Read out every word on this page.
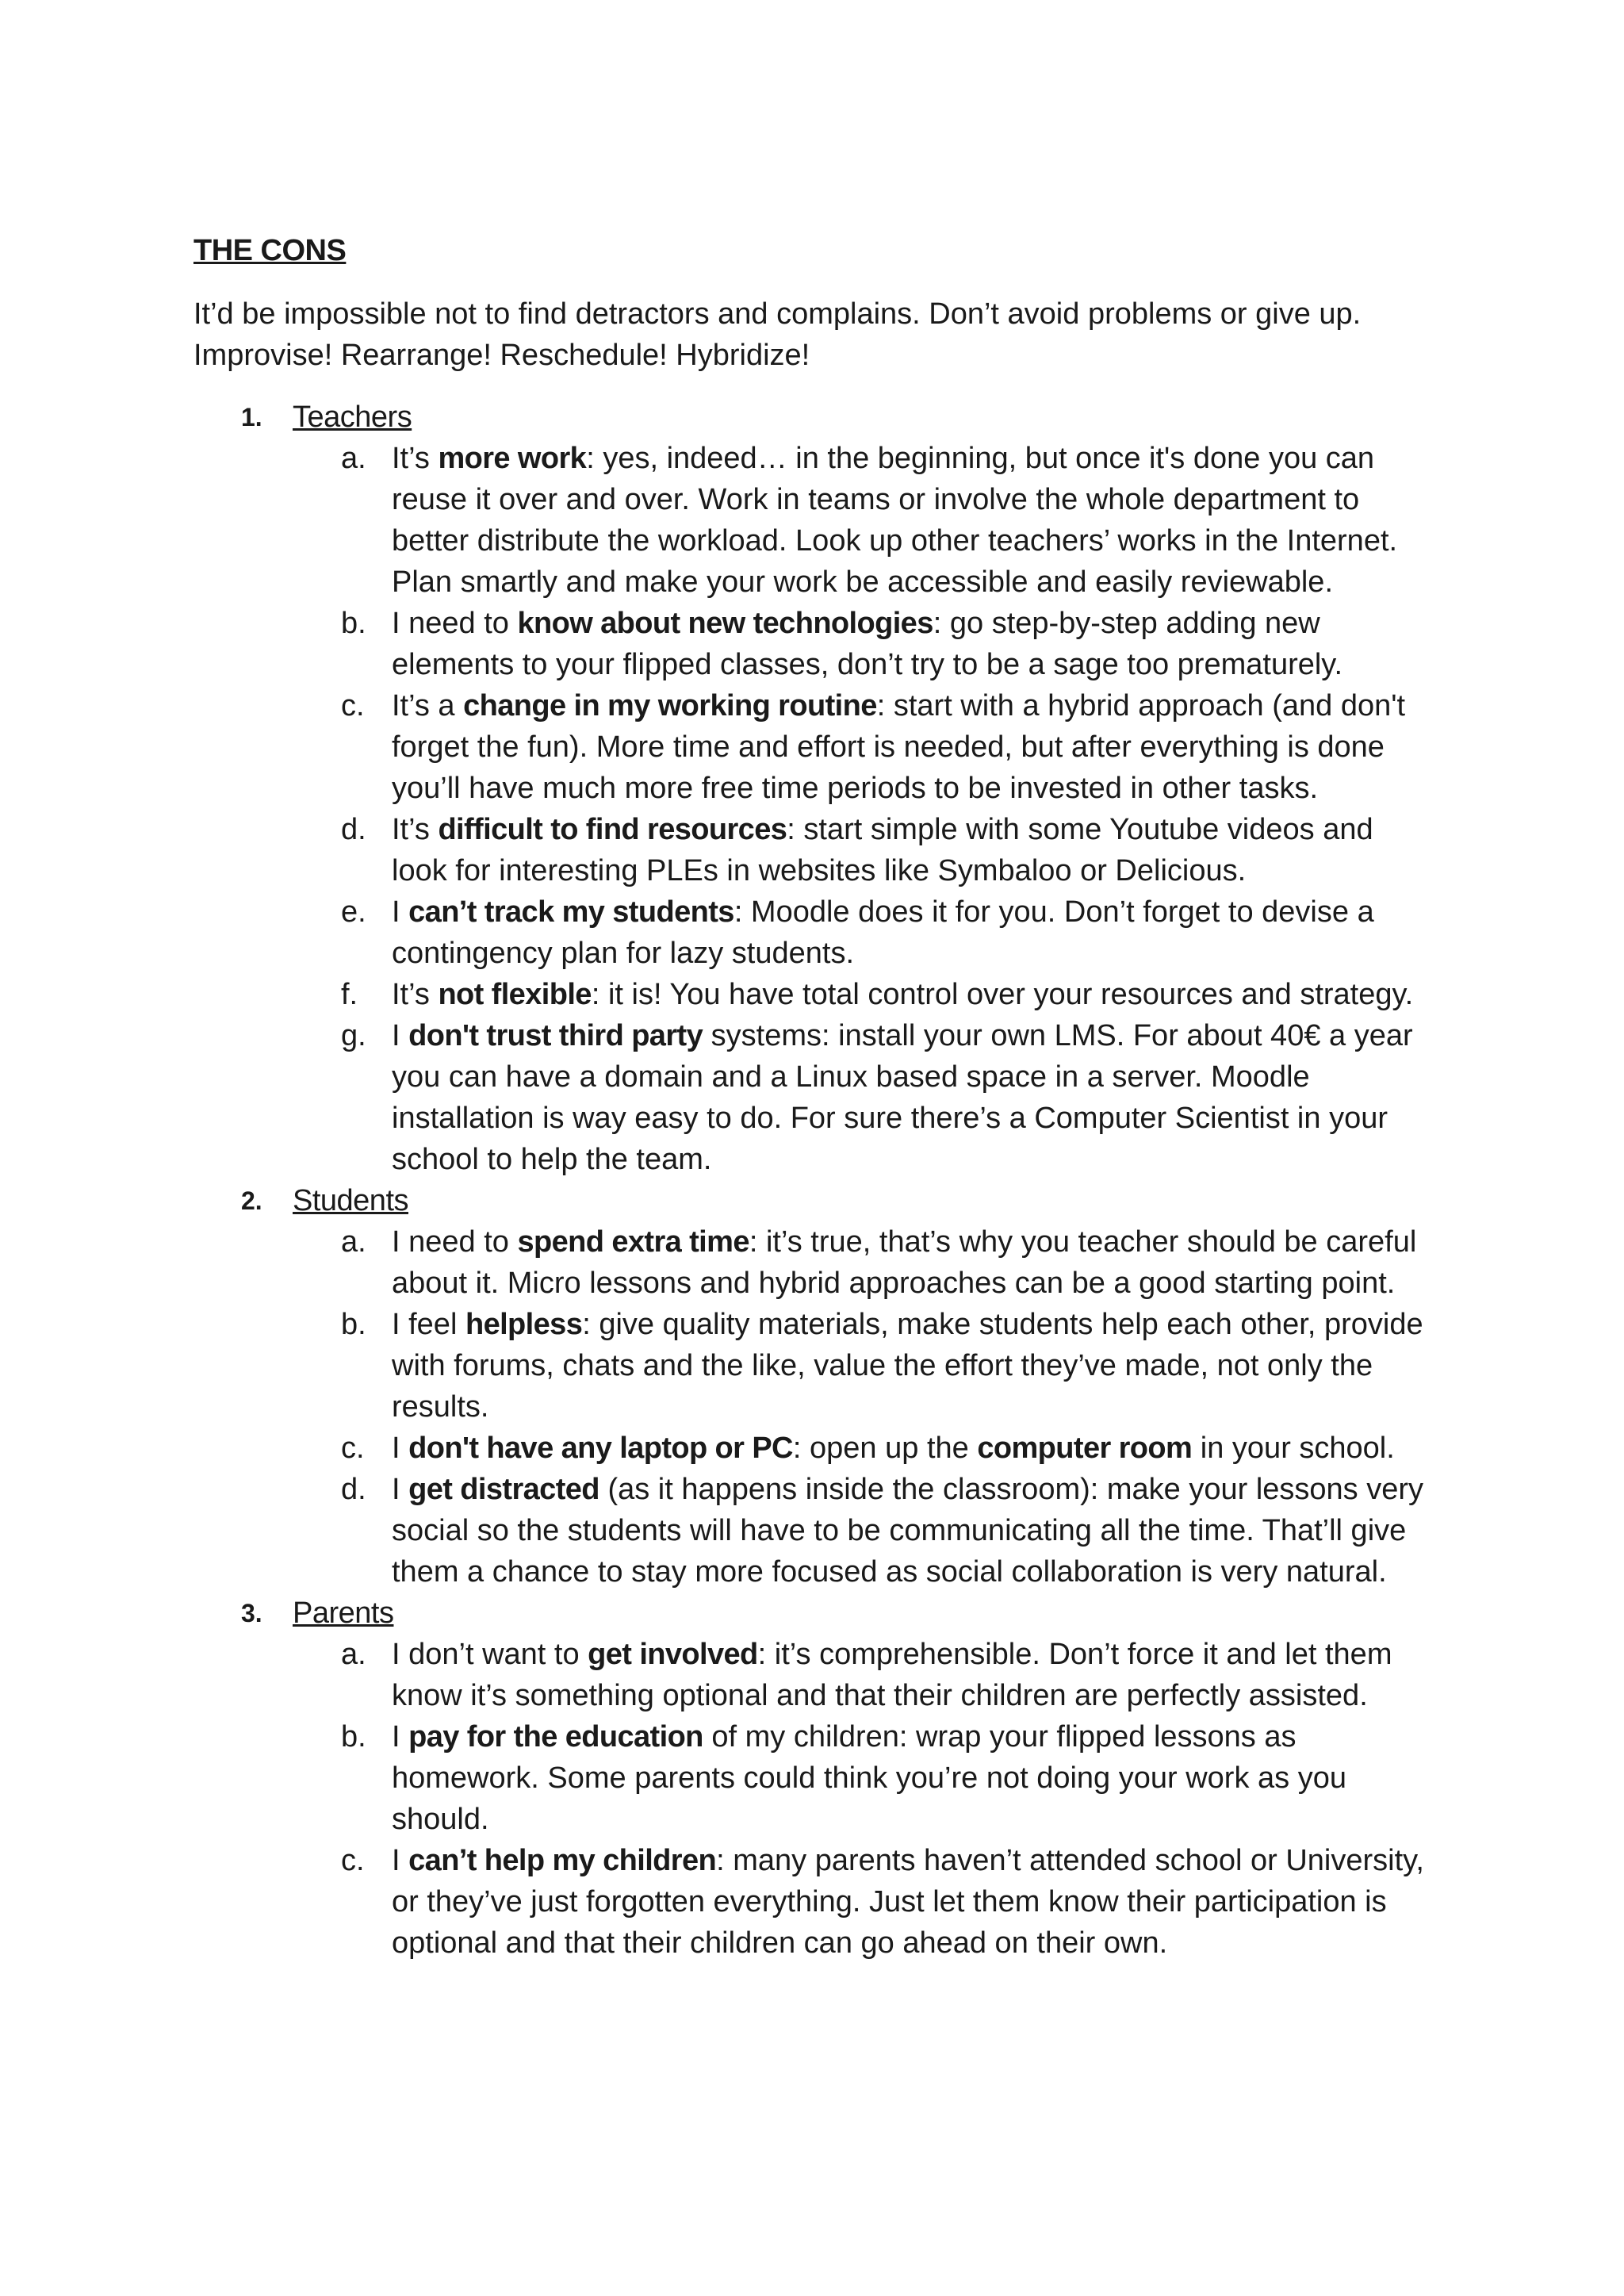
THE CONS
It’d be impossible not to find detractors and complains. Don’t avoid problems or give up. Improvise! Rearrange! Reschedule! Hybridize!
1. Teachers
a. It’s more work: yes, indeed… in the beginning, but once it's done you can reuse it over and over. Work in teams or involve the whole department to better distribute the workload. Look up other teachers’ works in the Internet. Plan smartly and make your work be accessible and easily reviewable.
b. I need to know about new technologies: go step-by-step adding new elements to your flipped classes, don’t try to be a sage too prematurely.
c. It’s a change in my working routine: start with a hybrid approach (and don't forget the fun). More time and effort is needed, but after everything is done you’ll have much more free time periods to be invested in other tasks.
d. It’s difficult to find resources: start simple with some Youtube videos and look for interesting PLEs in websites like Symbaloo or Delicious.
e. I can’t track my students: Moodle does it for you. Don’t forget to devise a contingency plan for lazy students.
f. It’s not flexible: it is! You have total control over your resources and strategy.
g. I don't trust third party systems: install your own LMS. For about 40€ a year you can have a domain and a Linux based space in a server. Moodle installation is way easy to do. For sure there’s a Computer Scientist in your school to help the team.
2. Students
a. I need to spend extra time: it’s true, that’s why you teacher should be careful about it. Micro lessons and hybrid approaches can be a good starting point.
b. I feel helpless: give quality materials, make students help each other, provide with forums, chats and the like, value the effort they’ve made, not only the results.
c. I don't have any laptop or PC: open up the computer room in your school.
d. I get distracted (as it happens inside the classroom): make your lessons very social so the students will have to be communicating all the time. That’ll give them a chance to stay more focused as social collaboration is very natural.
3. Parents
a. I don’t want to get involved: it’s comprehensible. Don’t force it and let them know it’s something optional and that their children are perfectly assisted.
b. I pay for the education of my children: wrap your flipped lessons as homework. Some parents could think you’re not doing your work as you should.
c. I can’t help my children: many parents haven’t attended school or University, or they’ve just forgotten everything. Just let them know their participation is optional and that their children can go ahead on their own.
